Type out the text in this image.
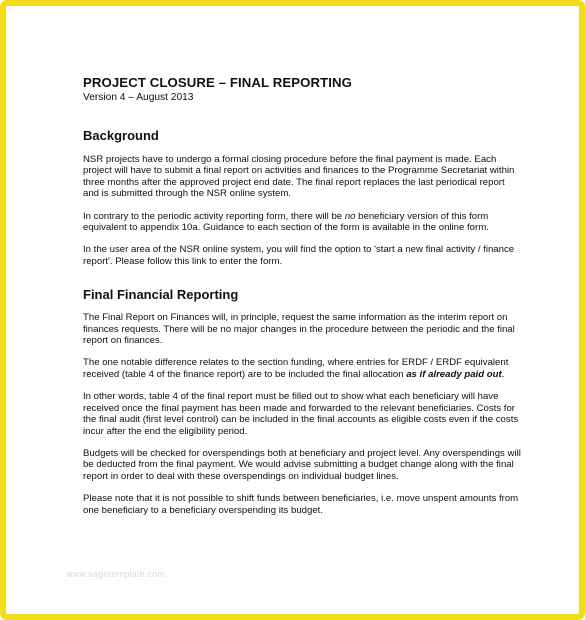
PROJECT CLOSURE – FINAL REPORTING
Version 4 – August 2013
Background

NSR projects have to undergo a formal closing procedure before the final payment is made. Each project will have to submit a final report on activities and finances to the Programme Secretariat within three months after the approved project end date. The final report replaces the last periodical report and is submitted through the NSR online system.

In contrary to the periodic activity reporting form, there will be no beneficiary version of this form equivalent to appendix 10a. Guidance to each section of the form is available in the online form.

In the user area of the NSR online system, you will find the option to 'start a new final activity / finance report'. Please follow this link to enter the form.

Final Financial Reporting

The Final Report on Finances will, in principle, request the same information as the interim report on finances requests. There will be no major changes in the procedure between the periodic and the final report on finances.

The one notable difference relates to the section funding, where entries for ERDF / ERDF equivalent received (table 4 of the finance report) are to be included the final allocation as if already paid out.

In other words, table 4 of the final report must be filled out to show what each beneficiary will have received once the final payment has been made and forwarded to the relevant beneficiaries. Costs for the final audit (first level control) can be included in the final accounts as eligible costs even if the costs incur after the end the eligibility period.

Budgets will be checked for overspendings both at beneficiary and project level. Any overspendings will be deducted from the final payment. We would advise submitting a budget change along with the final report in order to deal with these overspendings on individual budget lines.

Please note that it is not possible to shift funds between beneficiaries, i.e. move unspent amounts from one beneficiary to a beneficiary overspending its budget.

www.sagetemplate.com
